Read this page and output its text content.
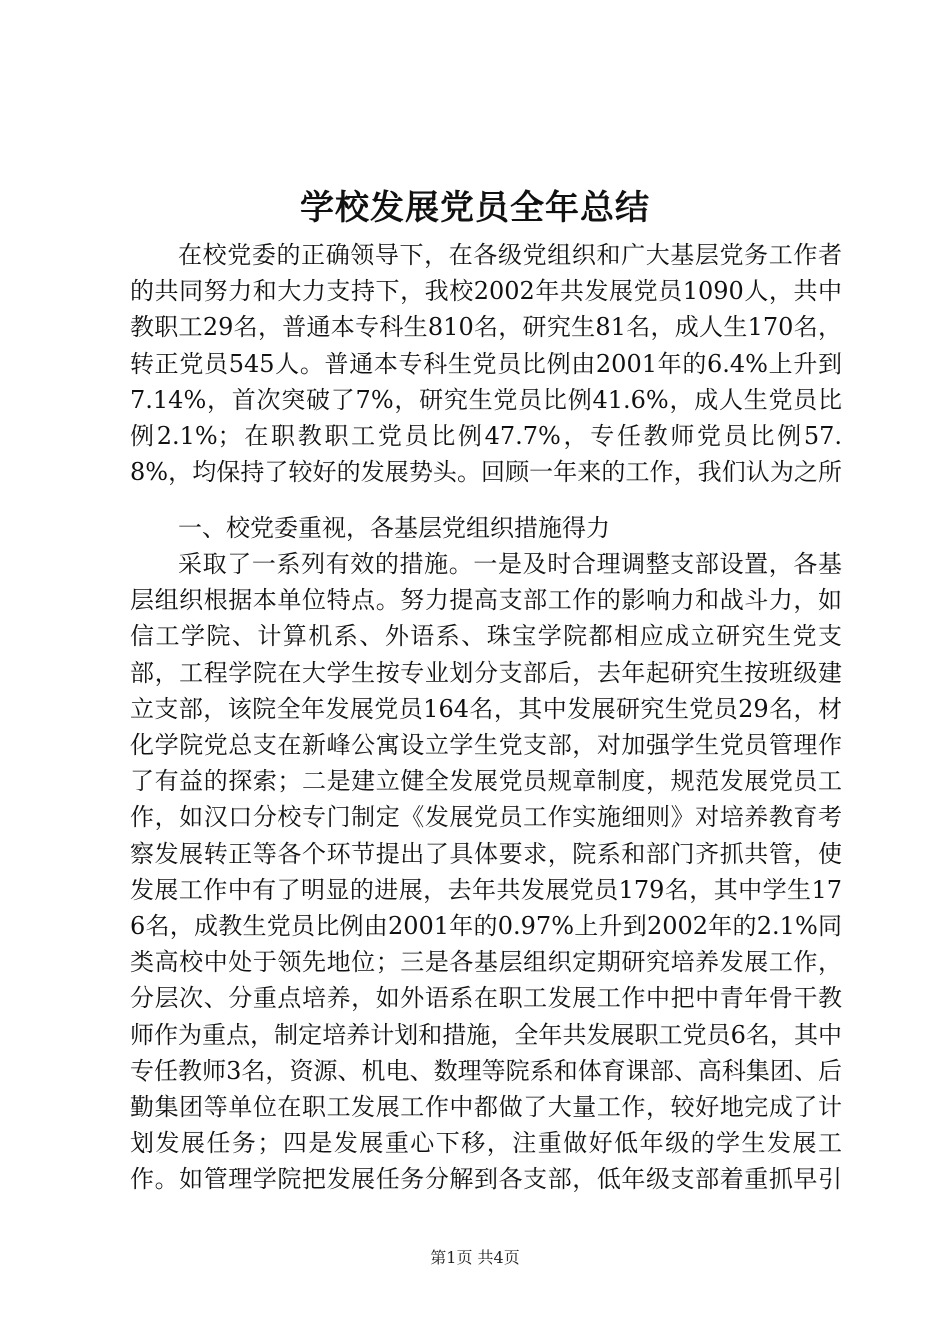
学校发展党员全年总结
在校党委的正确领导下，在各级党组织和广大基层党务工作者的共同努力和大力支持下，我校2002年共发展党员1090人，共中教职工29名，普通本专科生810名，研究生81名，成人生170名，转正党员545人。普通本专科生党员比例由2001年的6.4%上升到7.14%，首次突破了7%，研究生党员比例41.6%，成人生党员比例2.1%；在职教职工党员比例47.7%，专任教师党员比例57.8%，均保持了较好的发展势头。回顾一年来的工作，我们认为之所
一、校党委重视，各基层党组织措施得力
采取了一系列有效的措施。一是及时合理调整支部设置，各基层组织根据本单位特点。努力提高支部工作的影响力和战斗力，如信工学院、计算机系、外语系、珠宝学院都相应成立研究生党支部，工程学院在大学生按专业划分支部后，去年起研究生按班级建立支部，该院全年发展党员164名，其中发展研究生党员29名，材化学院党总支在新峰公寓设立学生党支部，对加强学生党员管理作了有益的探索；二是建立健全发展党员规章制度，规范发展党员工作，如汉口分校专门制定《发展党员工作实施细则》对培养教育考察发展转正等各个环节提出了具体要求，院系和部门齐抓共管，使发展工作中有了明显的进展，去年共发展党员179名，其中学生176名，成教生党员比例由2001年的0.97%上升到2002年的2.1%同类高校中处于领先地位；三是各基层组织定期研究培养发展工作，分层次、分重点培养，如外语系在职工发展工作中把中青年骨干教师作为重点，制定培养计划和措施，全年共发展职工党员6名，其中专任教师3名，资源、机电、数理等院系和体育课部、高科集团、后勤集团等单位在职工发展工作中都做了大量工作，较好地完成了计划发展任务；四是发展重心下移，注重做好低年级的学生发展工作。如管理学院把发展任务分解到各支部，低年级支部着重抓早引
第1页 共4页
